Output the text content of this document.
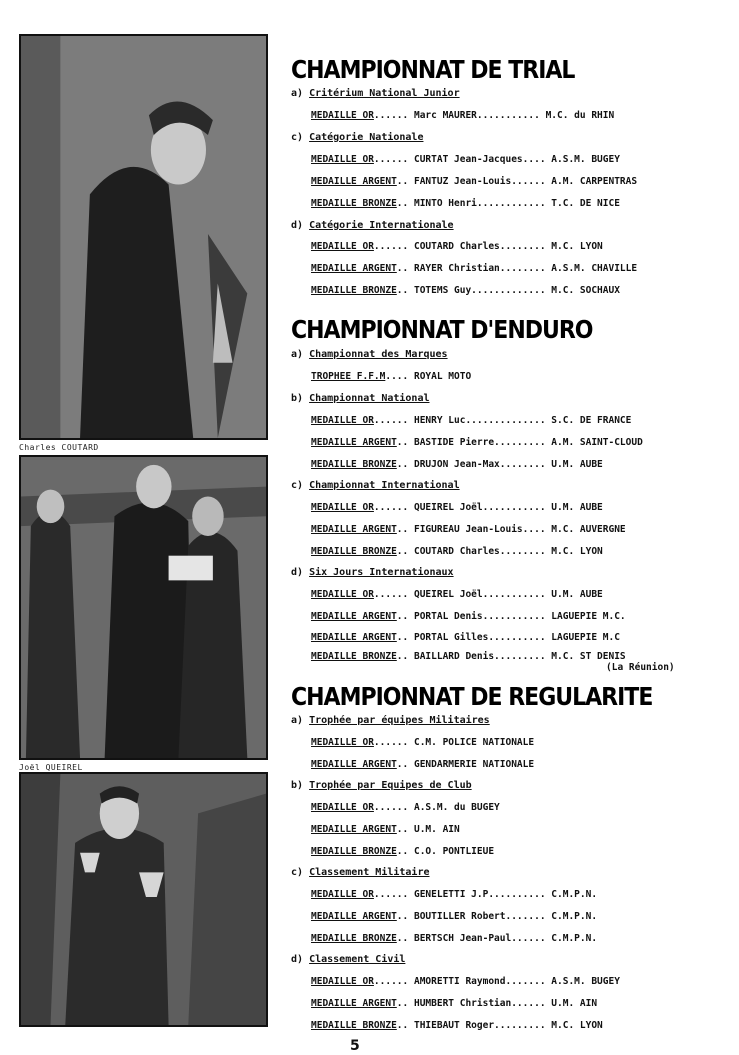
Charles COUTARD
Joël QUEIREL
CHAMPIONNAT DE TRIAL
a) Critérium National Junior
MEDAILLE OR...... Marc MAURER........... M.C. du RHIN
c) Catégorie Nationale
MEDAILLE OR...... CURTAT Jean-Jacques.... A.S.M. BUGEY
MEDAILLE ARGENT.. FANTUZ Jean-Louis...... A.M. CARPENTRAS
MEDAILLE BRONZE.. MINTO Henri............ T.C. DE NICE
d) Catégorie Internationale
MEDAILLE OR...... COUTARD Charles........ M.C. LYON
MEDAILLE ARGENT.. RAYER Christian........ A.S.M. CHAVILLE
MEDAILLE BRONZE.. TOTEMS Guy............. M.C. SOCHAUX
CHAMPIONNAT D'ENDURO
a) Championnat des Marques
TROPHEE F.F.M.... ROYAL MOTO
b) Championnat National
MEDAILLE OR...... HENRY Luc.............. S.C. DE FRANCE
MEDAILLE ARGENT.. BASTIDE Pierre......... A.M. SAINT-CLOUD
MEDAILLE BRONZE.. DRUJON Jean-Max........ U.M. AUBE
c) Championnat International
MEDAILLE OR...... QUEIREL Joël........... U.M. AUBE
MEDAILLE ARGENT.. FIGUREAU Jean-Louis.... M.C. AUVERGNE
MEDAILLE BRONZE.. COUTARD Charles........ M.C. LYON
d) Six Jours Internationaux
MEDAILLE OR...... QUEIREL Joël........... U.M. AUBE
MEDAILLE ARGENT.. PORTAL Denis........... LAGUEPIE M.C.
MEDAILLE ARGENT.. PORTAL Gilles.......... LAGUEPIE M.C
MEDAILLE BRONZE.. BAILLARD Denis......... M.C. ST DENIS
(La Réunion)
CHAMPIONNAT DE REGULARITE
a) Trophée par équipes Militaires
MEDAILLE OR...... C.M. POLICE NATIONALE
MEDAILLE ARGENT.. GENDARMERIE NATIONALE
b) Trophée par Equipes de Club
MEDAILLE OR...... A.S.M. du BUGEY
MEDAILLE ARGENT.. U.M. AIN
MEDAILLE BRONZE.. C.O. PONTLIEUE
c) Classement Militaire
MEDAILLE OR...... GENELETTI J.P.......... C.M.P.N.
MEDAILLE ARGENT.. BOUTILLER Robert....... C.M.P.N.
MEDAILLE BRONZE.. BERTSCH Jean-Paul...... C.M.P.N.
d) Classement Civil
MEDAILLE OR...... AMORETTI Raymond....... A.S.M. BUGEY
MEDAILLE ARGENT.. HUMBERT Christian...... U.M. AIN
MEDAILLE BRONZE.. THIEBAUT Roger......... M.C. LYON
5
